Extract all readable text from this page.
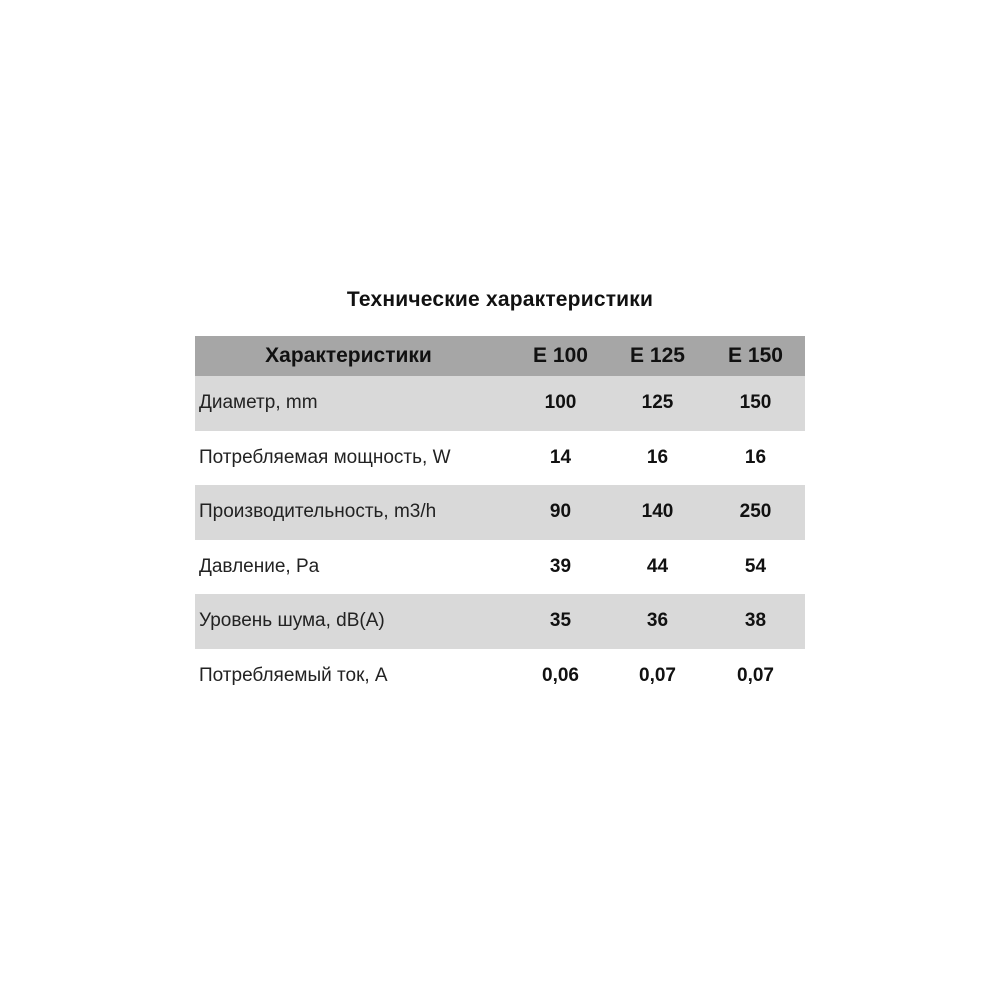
Технические характеристики
Характеристики	E 100	E 125	E 150
Диаметр, mm	100	125	150
Потребляемая мощность, W	14	16	16
Производительность, m3/h	90	140	250
Давление, Pa	39	44	54
Уровень шума, dB(A)	35	36	38
Потребляемый ток, А	0,06	0,07	0,07
